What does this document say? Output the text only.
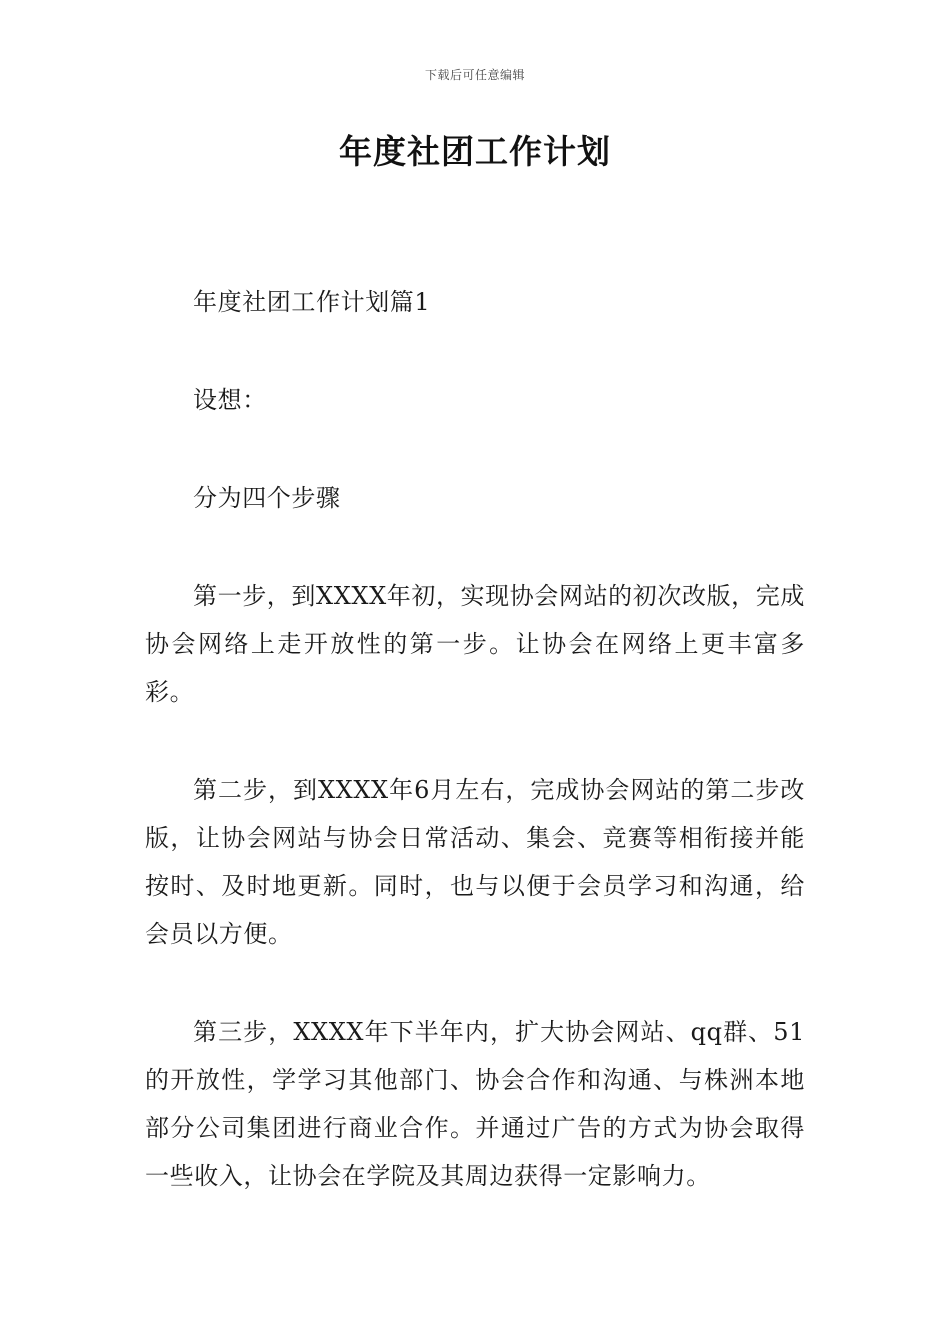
下载后可任意编辑
年度社团工作计划

年度社团工作计划篇1

设想：

分为四个步骤

第一步，到XXXX年初，实现协会网站的初次改版，完成协会网络上走开放性的第一步。让协会在网络上更丰富多彩。

第二步，到XXXX年6月左右，完成协会网站的第二步改版，让协会网站与协会日常活动、集会、竞赛等相衔接并能按时、及时地更新。同时，也与以便于会员学习和沟通，给会员以方便。

第三步，XXXX年下半年内，扩大协会网站、qq群、51的开放性，学学习其他部门、协会合作和沟通、与株洲本地部分公司集团进行商业合作。并通过广告的方式为协会取得一些收入，让协会在学院及其周边获得一定影响力。
